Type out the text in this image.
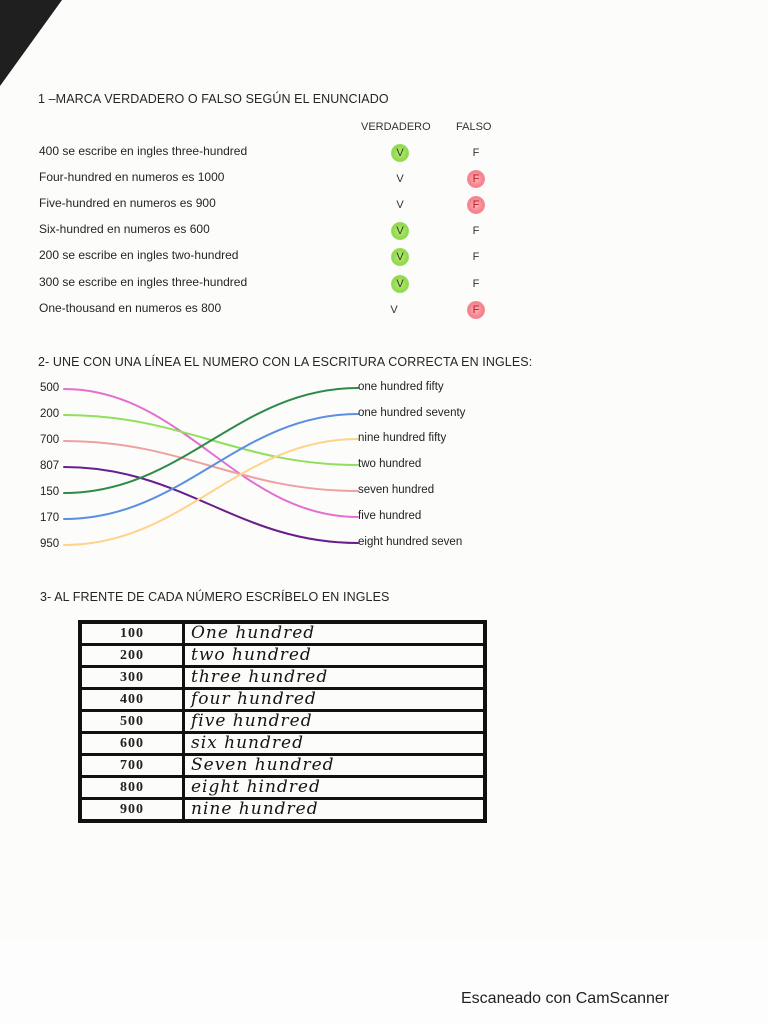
1 –MARCA VERDADERO O FALSO SEGÚN EL ENUNCIADO
VERDADERO FALSO
400 se escribe en ingles three-hundred	V	F
Four-hundred en numeros es 1000	V	F
Five-hundred en numeros es 900	V	F
Six-hundred en numeros es 600	V	F
200 se escribe en ingles two-hundred	V	F
300 se escribe en ingles three-hundred	V	F
One-thousand en numeros es 800	V	F
2- UNE CON UNA LÍNEA EL NUMERO CON LA ESCRITURA CORRECTA EN INGLES:
500
200
700
807
150
170
950
one hundred fifty
one hundred seventy
nine hundred fifty
two hundred
seven hundred
five hundred
eight hundred seven
3- AL FRENTE DE CADA NÚMERO ESCRÍBELO EN INGLES
100	One hundred
200	two hundred
300	three hundred
400	four hundred
500	five hundred
600	six hundred
700	Seven hundred
800	eight hindred
900	nine hundred
Escaneado con CamScanner
